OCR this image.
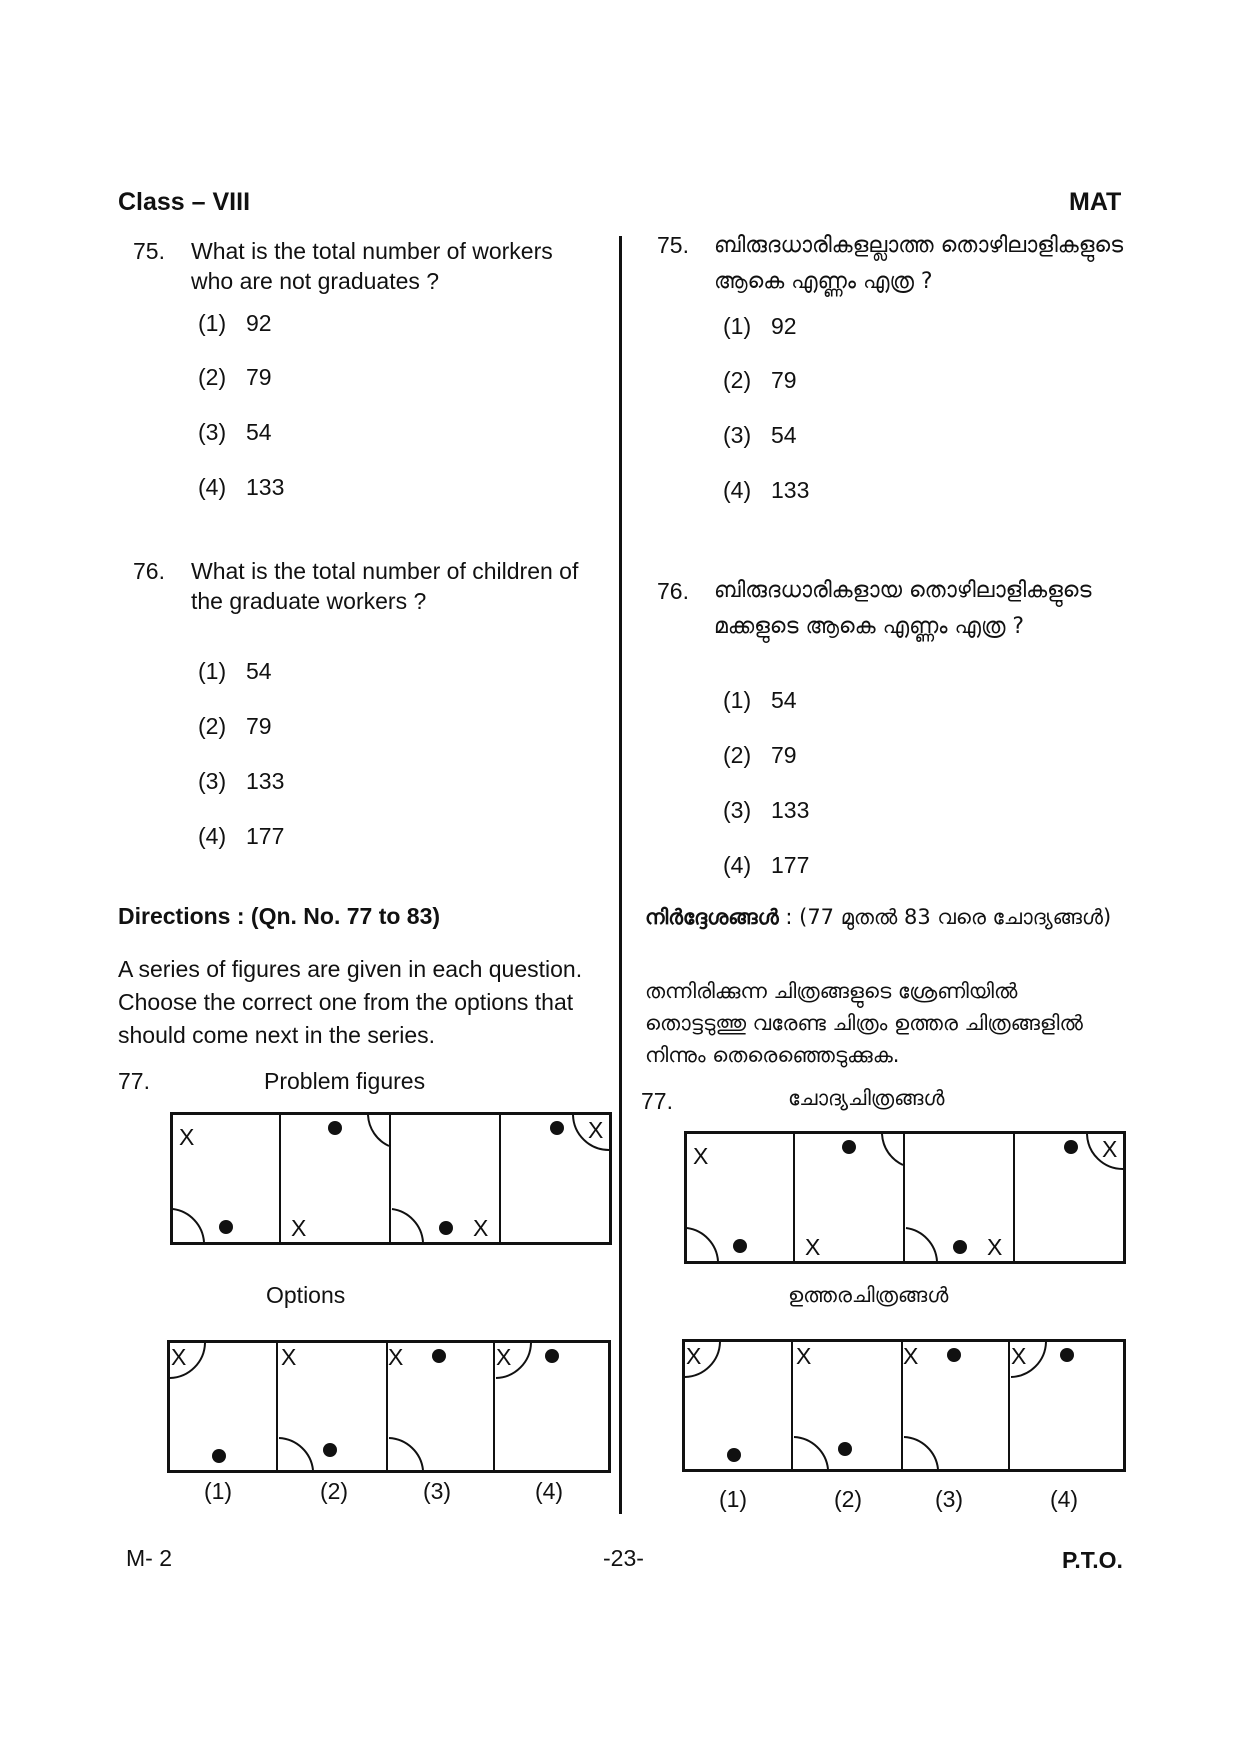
Class – VIII	MAT
75. What is the total number of workers who are not graduates ?
(1) 92
(2) 79
(3) 54
(4) 133
76. What is the total number of children of the graduate workers ?
(1) 54
(2) 79
(3) 133
(4) 177
Directions : (Qn. No. 77 to 83)
A series of figures are given in each question. Choose the correct one from the options that should come next in the series.
77.	Problem figures
X
X	X
X
Options
X	X	X	X
(1)	(2)	(3)	(4)
75. ബിരുദധാരികളല്ലാത്ത തൊഴിലാളികളുടെ ആകെ എണ്ണം എത്ര ?
(1) 92
(2) 79
(3) 54
(4) 133
76. ബിരുദധാരികളായ തൊഴിലാളികളുടെ മക്കളുടെ ആകെ എണ്ണം എത്ര ?
(1) 54
(2) 79
(3) 133
(4) 177
നിർദ്ദേശങ്ങൾ : (77 മുതൽ 83 വരെ ചോദ്യങ്ങൾ)
തന്നിരിക്കുന്ന ചിത്രങ്ങളുടെ ശ്രേണിയിൽ തൊട്ടടുത്തു വരേണ്ട ചിത്രം ഉത്തര ചിത്രങ്ങളിൽ നിന്നും തെരെഞ്ഞെടുക്കുക.
77.	ചോദ്യചിത്രങ്ങൾ
X
X	X
X
ഉത്തരചിത്രങ്ങൾ
X	X	X	X
(1)	(2)	(3)	(4)
M- 2	-23-	P.T.O.
